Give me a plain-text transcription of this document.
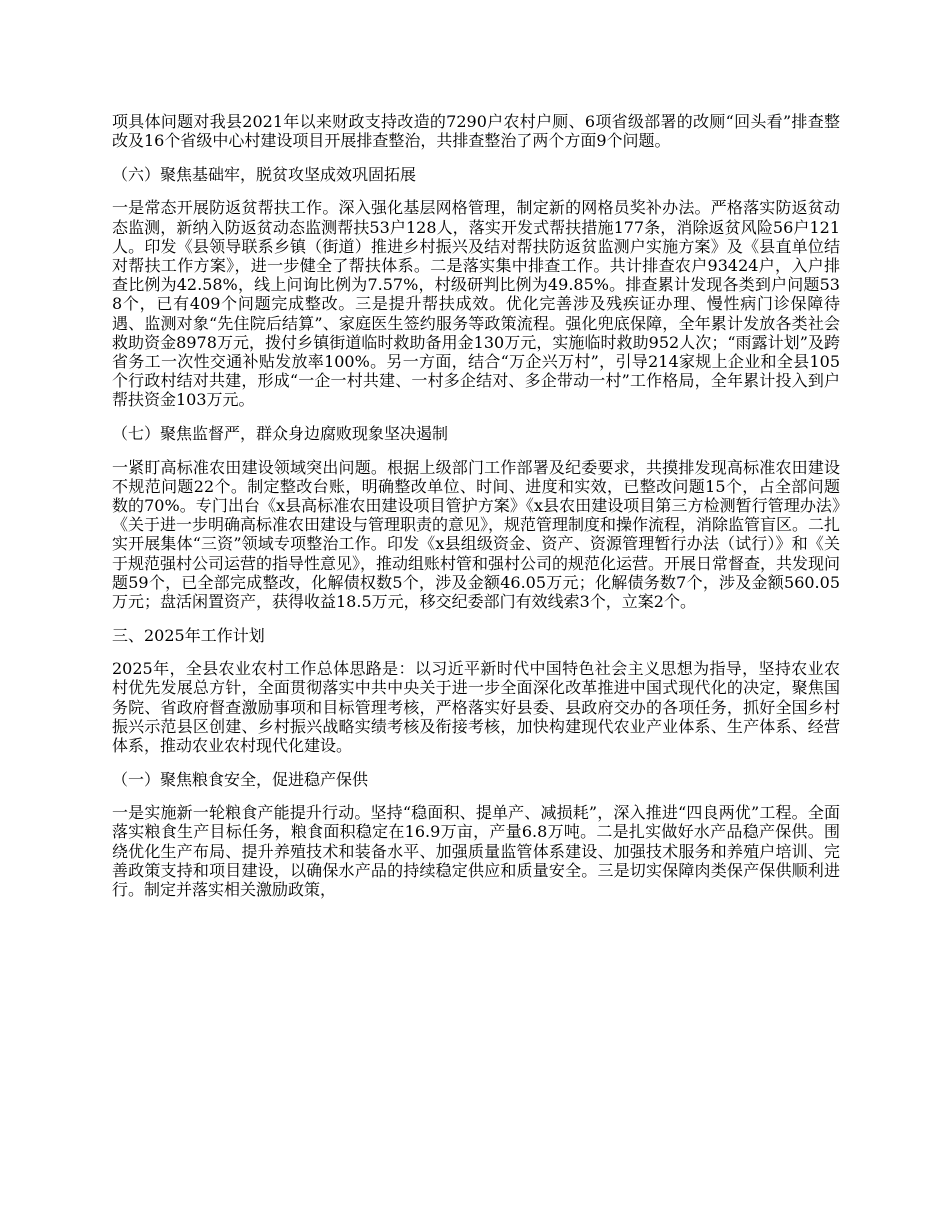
项具体问题对我县2021年以来财政支持改造的7290户农村户厕、6项省级部署的改厕“回头看”排查整改及16个省级中心村建设项目开展排查整治，共排查整治了两个方面9个问题。

（六）聚焦基础牢，脱贫攻坚成效巩固拓展

一是常态开展防返贫帮扶工作。深入强化基层网格管理，制定新的网格员奖补办法。严格落实防返贫动态监测，新纳入防返贫动态监测帮扶53户128人，落实开发式帮扶措施177条，消除返贫风险56户121人。印发《县领导联系乡镇（街道）推进乡村振兴及结对帮扶防返贫监测户实施方案》及《县直单位结对帮扶工作方案》，进一步健全了帮扶体系。二是落实集中排查工作。共计排查农户93424户，入户排查比例为42.58%，线上问询比例为7.57%，村级研判比例为49.85%。排查累计发现各类到户问题538个，已有409个问题完成整改。三是提升帮扶成效。优化完善涉及残疾证办理、慢性病门诊保障待遇、监测对象“先住院后结算”、家庭医生签约服务等政策流程。强化兜底保障，全年累计发放各类社会救助资金8978万元，拨付乡镇街道临时救助备用金130万元，实施临时救助952人次；“雨露计划”及跨省务工一次性交通补贴发放率100%。另一方面，结合“万企兴万村”，引导214家规上企业和全县105个行政村结对共建，形成“一企一村共建、一村多企结对、多企带动一村”工作格局，全年累计投入到户帮扶资金103万元。

（七）聚焦监督严，群众身边腐败现象坚决遏制

一紧盯高标准农田建设领域突出问题。根据上级部门工作部署及纪委要求，共摸排发现高标准农田建设不规范问题22个。制定整改台账，明确整改单位、时间、进度和实效，已整改问题15个，占全部问题数的70%。专门出台《x县高标准农田建设项目管护方案》《x县农田建设项目第三方检测暂行管理办法》《关于进一步明确高标准农田建设与管理职责的意见》，规范管理制度和操作流程，消除监管盲区。二扎实开展集体“三资”领域专项整治工作。印发《x县组级资金、资产、资源管理暂行办法（试行）》和《关于规范强村公司运营的指导性意见》，推动组账村管和强村公司的规范化运营。开展日常督查，共发现问题59个，已全部完成整改，化解债权数5个，涉及金额46.05万元；化解债务数7个，涉及金额560.05万元；盘活闲置资产，获得收益18.5万元，移交纪委部门有效线索3个，立案2个。

三、2025年工作计划

2025年，全县农业农村工作总体思路是：以习近平新时代中国特色社会主义思想为指导，坚持农业农村优先发展总方针，全面贯彻落实中共中央关于进一步全面深化改革推进中国式现代化的决定，聚焦国务院、省政府督查激励事项和目标管理考核，严格落实好县委、县政府交办的各项任务，抓好全国乡村振兴示范县区创建、乡村振兴战略实绩考核及衔接考核，加快构建现代农业产业体系、生产体系、经营体系，推动农业农村现代化建设。

（一）聚焦粮食安全，促进稳产保供

一是实施新一轮粮食产能提升行动。坚持“稳面积、提单产、减损耗”，深入推进“四良两优”工程。全面落实粮食生产目标任务，粮食面积稳定在16.9万亩，产量6.8万吨。二是扎实做好水产品稳产保供。围绕优化生产布局、提升养殖技术和装备水平、加强质量监管体系建设、加强技术服务和养殖户培训、完善政策支持和项目建设，以确保水产品的持续稳定供应和质量安全。三是切实保障肉类保产保供顺利进行。制定并落实相关激励政策，
